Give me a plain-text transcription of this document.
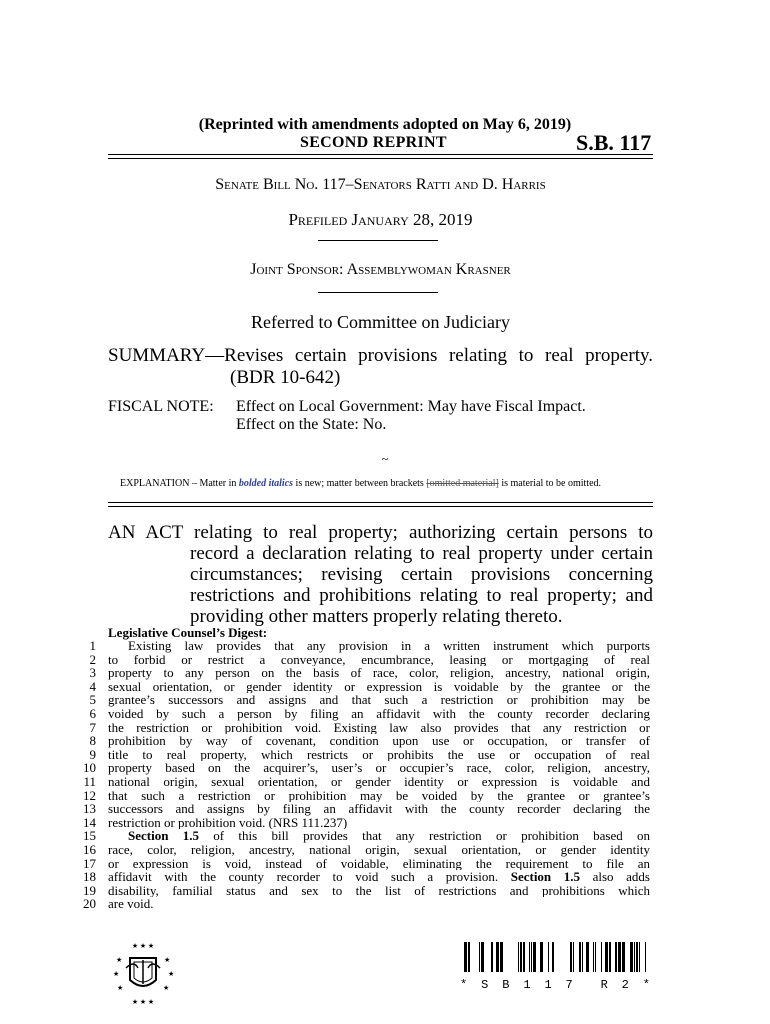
(Reprinted with amendments adopted on May 6, 2019)
SECOND REPRINT	S.B. 117
Senate Bill No. 117–Senators Ratti and D. Harris
Prefiled January 28, 2019
Joint Sponsor: Assemblywoman Krasner
Referred to Committee on Judiciary
SUMMARY— Revises certain provisions relating to real property.
(BDR 10-642)
FISCAL NOTE:	Effect on Local Government: May have Fiscal Impact.
Effect on the State: No.
~
EXPLANATION – Matter in bolded italics is new; matter between brackets [omitted material] is material to be omitted.
AN ACT relating to real property; authorizing certain persons to
record a declaration relating to real property under certain
circumstances; revising certain provisions concerning
restrictions and prohibitions relating to real property; and
providing other matters properly relating thereto.
Legislative Counsel’s Digest:
1
2
3
4
5
6
7
8
9
10
11
12
13
14
15
16
17
18
19
20
Existing law provides that any provision in a written instrument which purports
to forbid or restrict a conveyance, encumbrance, leasing or mortgaging of real
property to any person on the basis of race, color, religion, ancestry, national origin,
sexual orientation, or gender identity or expression is voidable by the grantee or the
grantee’s successors and assigns and that such a restriction or prohibition may be
voided by such a person by filing an affidavit with the county recorder declaring
the restriction or prohibition void. Existing law also provides that any restriction or
prohibition by way of covenant, condition upon use or occupation, or transfer of
title to real property, which restricts or prohibits the use or occupation of real
property based on the acquirer’s, user’s or occupier’s race, color, religion, ancestry,
national origin, sexual orientation, or gender identity or expression is voidable and
that such a restriction or prohibition may be voided by the grantee or grantee’s
successors and assigns by filing an affidavit with the county recorder declaring the
restriction or prohibition void. (NRS 111.237)
Section 1.5 of this bill provides that any restriction or prohibition based on
race, color, religion, ancestry, national origin, sexual orientation, or gender identity
or expression is void, instead of voidable, eliminating the requirement to file an
affidavit with the county recorder to void such a provision. Section 1.5 also adds
disability, familial status and sex to the list of restrictions and prohibitions which
are void.
★ ★ ★
★	★
★	★
★	★
★ ★ ★
* S B 1 1 7 R 2 *
